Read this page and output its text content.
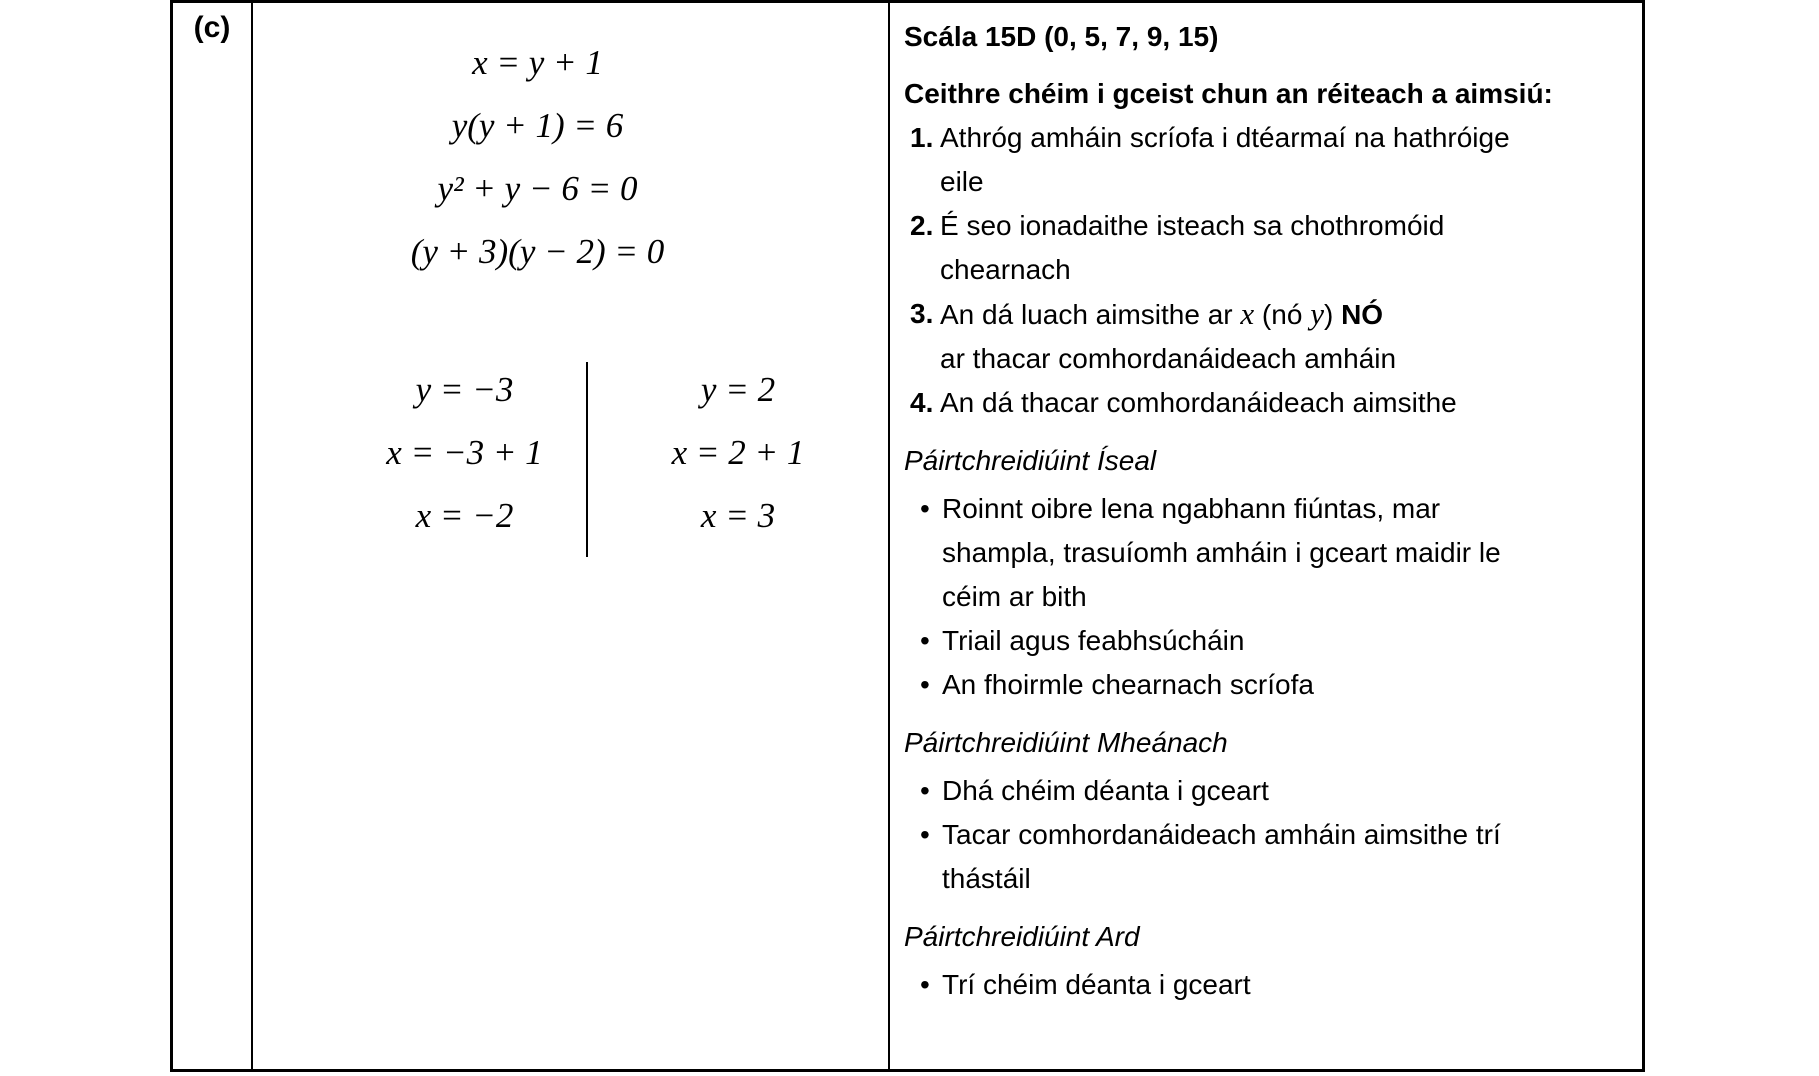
(c)
x = y + 1
y(y + 1) = 6
y² + y − 6 = 0
(y + 3)(y − 2) = 0
y = −3
x = −3 + 1
x = −2
y = 2
x = 2 + 1
x = 3
Scála 15D (0, 5, 7, 9, 15)
Ceithre chéim i gceist chun an réiteach a aimsiú:
1. Athróg amháin scríofa i dtéarmaí na hathróige eile
2. É seo ionadaithe isteach sa chothromóid chearnach
3. An dá luach aimsithe ar x (nó y) NÓ
ar thacar comhordanáideach amháin
4. An dá thacar comhordanáideach aimsithe
Páirtchreidiúint Íseal
• Roinnt oibre lena ngabhann fiúntas, mar shampla, trasuíomh amháin i gceart maidir le céim ar bith
• Triail agus feabhsúcháin
• An fhoirmle chearnach scríofa
Páirtchreidiúint Mheánach
• Dhá chéim déanta i gceart
• Tacar comhordanáideach amháin aimsithe trí thástáil
Páirtchreidiúint Ard
• Trí chéim déanta i gceart
